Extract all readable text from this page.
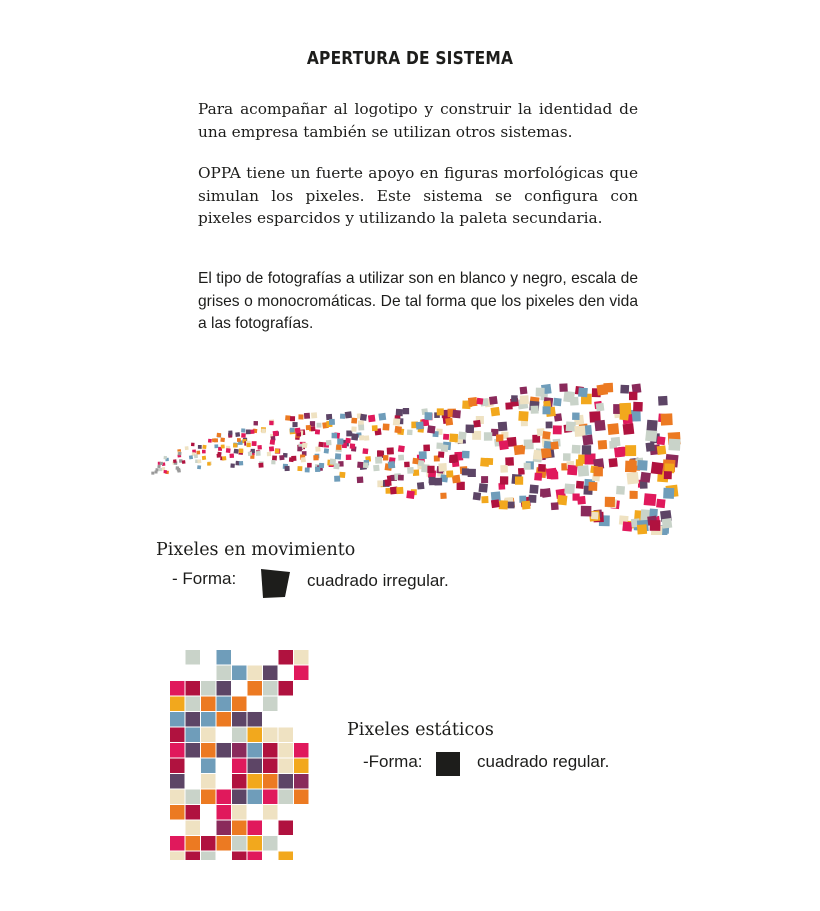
APERTURA DE SISTEMA

Para acompañar al logotipo y construir la identidad de una empresa también se utilizan otros sistemas.

OPPA tiene un fuerte apoyo en figuras morfológicas que simulan los pixeles. Este sistema se configura con pixeles esparcidos y utilizando la paleta secundaria.

El tipo de fotografías a utilizar son en blanco y negro, escala de grises o monocromáticas. De tal forma que los pixeles den vida a las fotografías.

Pixeles en movimiento
- Forma:	cuadrado irregular.
Pixeles estáticos
-Forma:	cuadrado regular.
